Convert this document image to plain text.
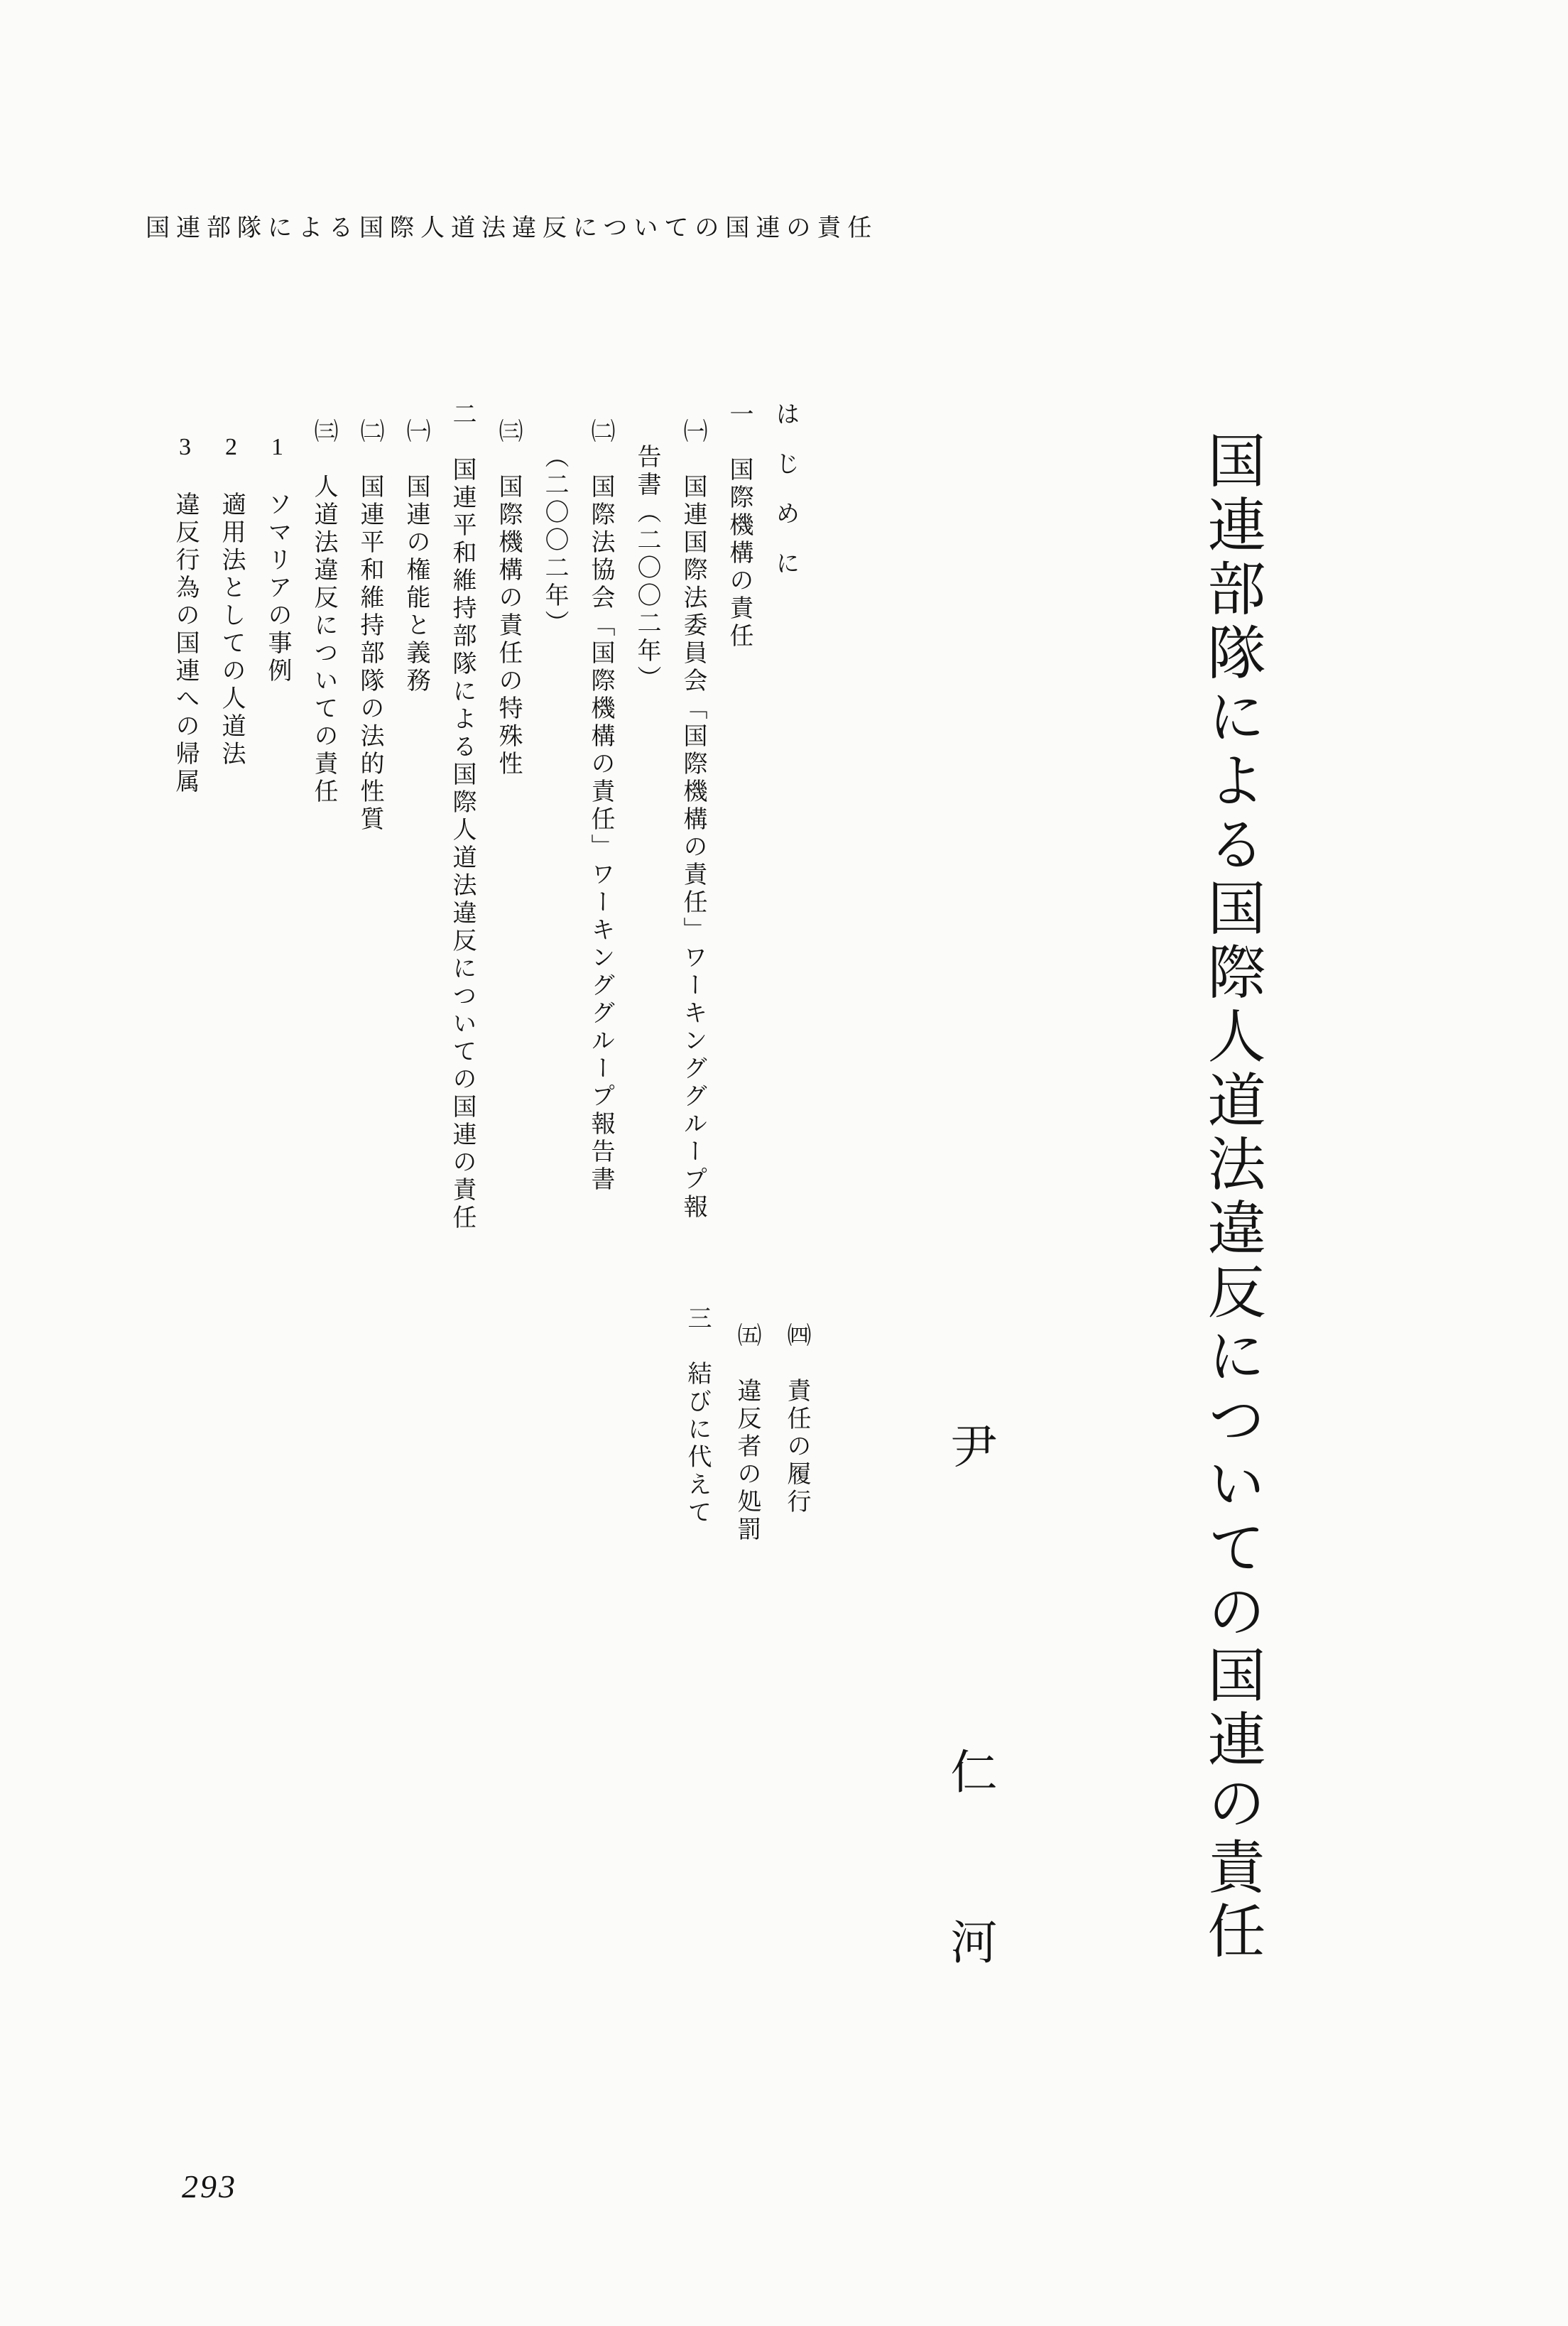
国連部隊による国際人道法違反についての国連の責任
国連部隊による国際人道法違反についての国連の責任
尹仁河
はじめに
一　国際機構の責任
㈠　国連国際法委員会「国際機構の責任」ワーキンググループ報
告書（二〇〇二年）
㈡　国際法協会「国際機構の責任」ワーキンググループ報告書
（二〇〇二年）
㈢　国際機構の責任の特殊性
二　国連平和維持部隊による国際人道法違反についての国連の責任
㈠　国連の権能と義務
㈡　国連平和維持部隊の法的性質
㈢　人道法違反についての責任
1　ソマリアの事例
2　適用法としての人道法
3　違反行為の国連への帰属
㈣　責任の履行
㈤　違反者の処罰
三　結びに代えて
293
